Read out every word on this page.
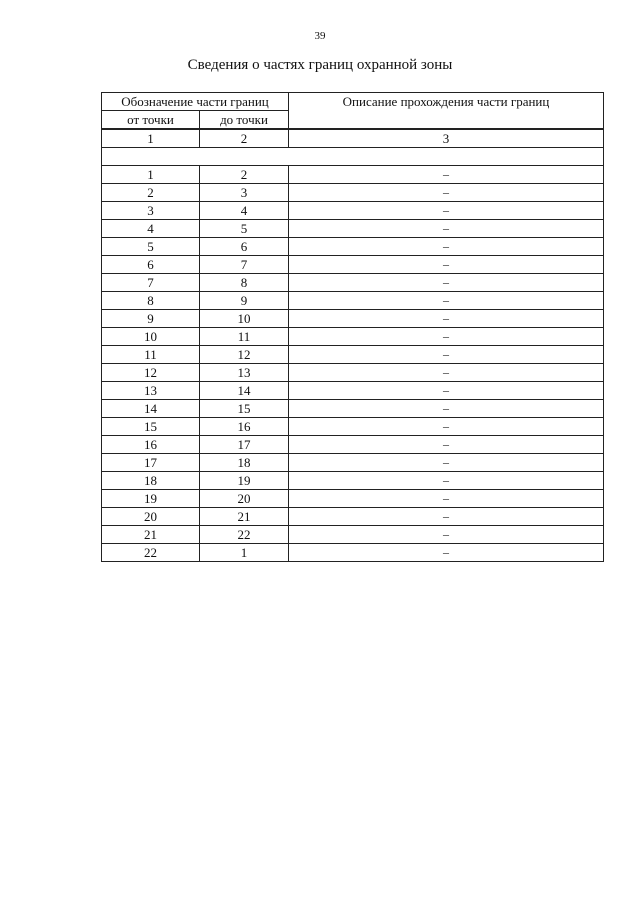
39
Сведения о частях границ охранной зоны
Обозначение части границ		Описание прохождения части границ
от точки	до точки	
1	2	3

1	2	–
2	3	–
3	4	–
4	5	–
5	6	–
6	7	–
7	8	–
8	9	–
9	10	–
10	11	–
11	12	–
12	13	–
13	14	–
14	15	–
15	16	–
16	17	–
17	18	–
18	19	–
19	20	–
20	21	–
21	22	–
22	1	–
